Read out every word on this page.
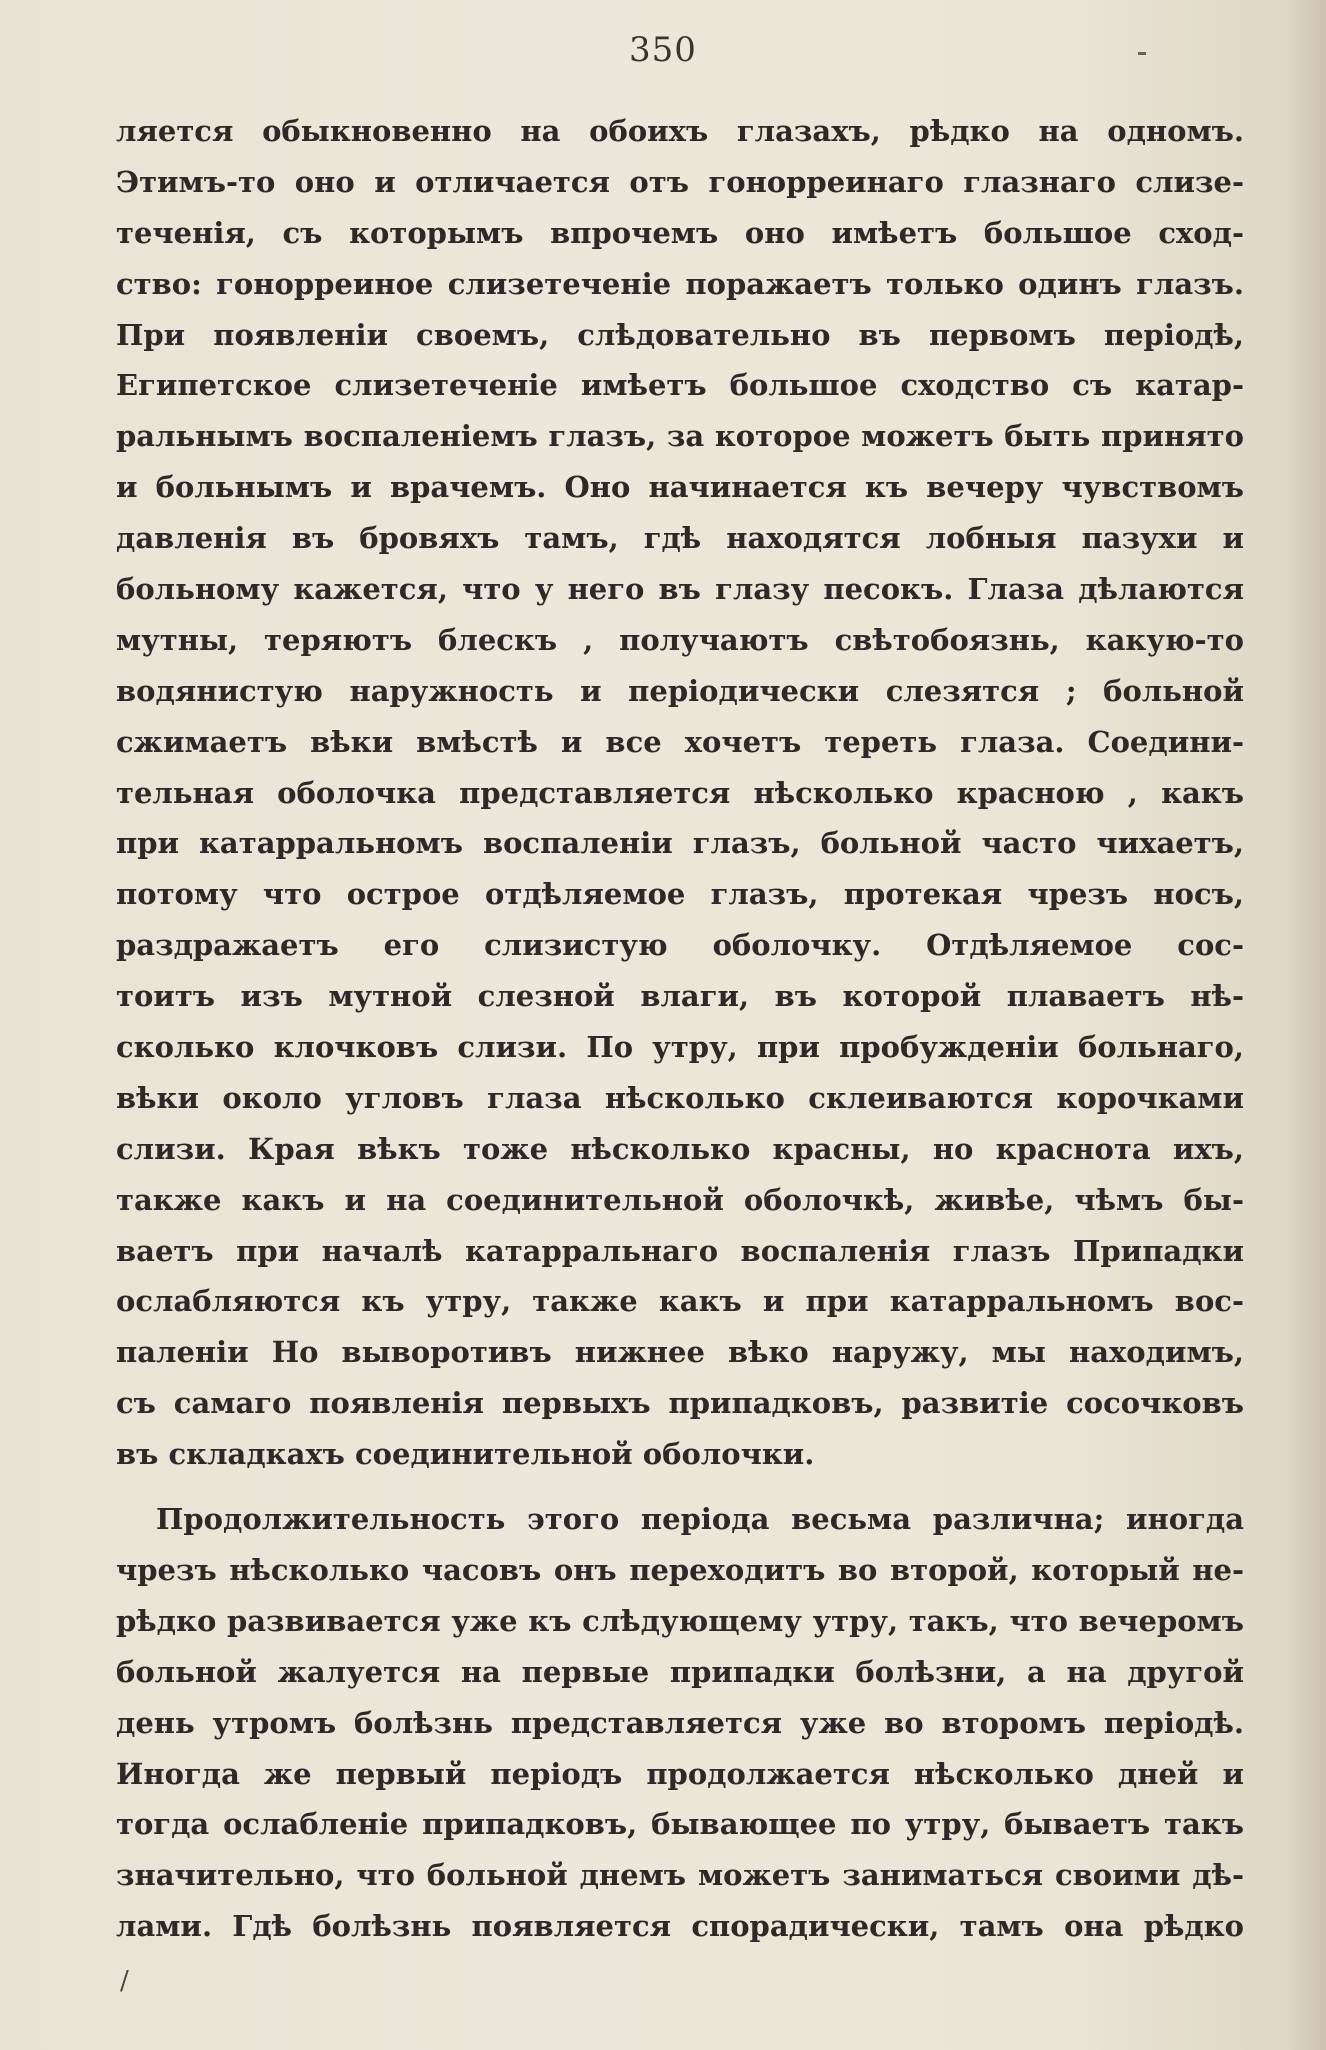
350
ляется обыкновенно на обоихъ глазахъ, рѣдко на одномъ.
Этимъ-то оно и отличается отъ гонорреинаго глазнаго слизе-
теченія, съ которымъ впрочемъ оно имѣетъ большое сход-
ство: гонорреиное слизетеченіе поражаетъ только одинъ глазъ.
При появленіи своемъ, слѣдовательно въ первомъ періодѣ,
Египетское слизетеченіе имѣетъ большое сходство съ катар-
ральнымъ воспаленіемъ глазъ, за которое можетъ быть принято
и больнымъ и врачемъ. Оно начинается къ вечеру чувствомъ
давленія въ бровяхъ тамъ, гдѣ находятся лобныя пазухи и
больному кажется, что у него въ глазу песокъ. Глаза дѣлаются
мутны, теряютъ блескъ , получаютъ свѣтобоязнь, какую-то
водянистую наружность и періодически слезятся ; больной
сжимаетъ вѣки вмѣстѣ и все хочетъ тереть глаза. Соедини-
тельная оболочка представляется нѣсколько красною , какъ
при катарральномъ воспаленіи глазъ, больной часто чихаетъ,
потому что острое отдѣляемое глазъ, протекая чрезъ носъ,
раздражаетъ его слизистую оболочку. Отдѣляемое сос-
тоитъ изъ мутной слезной влаги, въ которой плаваетъ нѣ-
сколько клочковъ слизи. По утру, при пробужденіи больнаго,
вѣки около угловъ глаза нѣсколько склеиваются корочками
слизи. Края вѣкъ тоже нѣсколько красны, но краснота ихъ,
также какъ и на соединительной оболочкѣ, живѣе, чѣмъ бы-
ваетъ при началѣ катарральнаго воспаленія глазъ Припадки
ослабляются къ утру, также какъ и при катарральномъ вос-
паленіи Но выворотивъ нижнее вѣко наружу, мы находимъ,
съ самаго появленія первыхъ припадковъ, развитіе сосочковъ
въ складкахъ соединительной оболочки.
Продолжительность этого періода весьма различна; иногда
чрезъ нѣсколько часовъ онъ переходитъ во второй, который не-
рѣдко развивается уже къ слѣдующему утру, такъ, что вечеромъ
больной жалуется на первые припадки болѣзни, а на другой
день утромъ болѣзнь представляется уже во второмъ періодѣ.
Иногда же первый періодъ продолжается нѣсколько дней и
тогда ослабленіе припадковъ, бывающее по утру, бываетъ такъ
значительно, что больной днемъ можетъ заниматься своими дѣ-
лами. Гдѣ болѣзнь появляется спорадически, тамъ она рѣдко
/
